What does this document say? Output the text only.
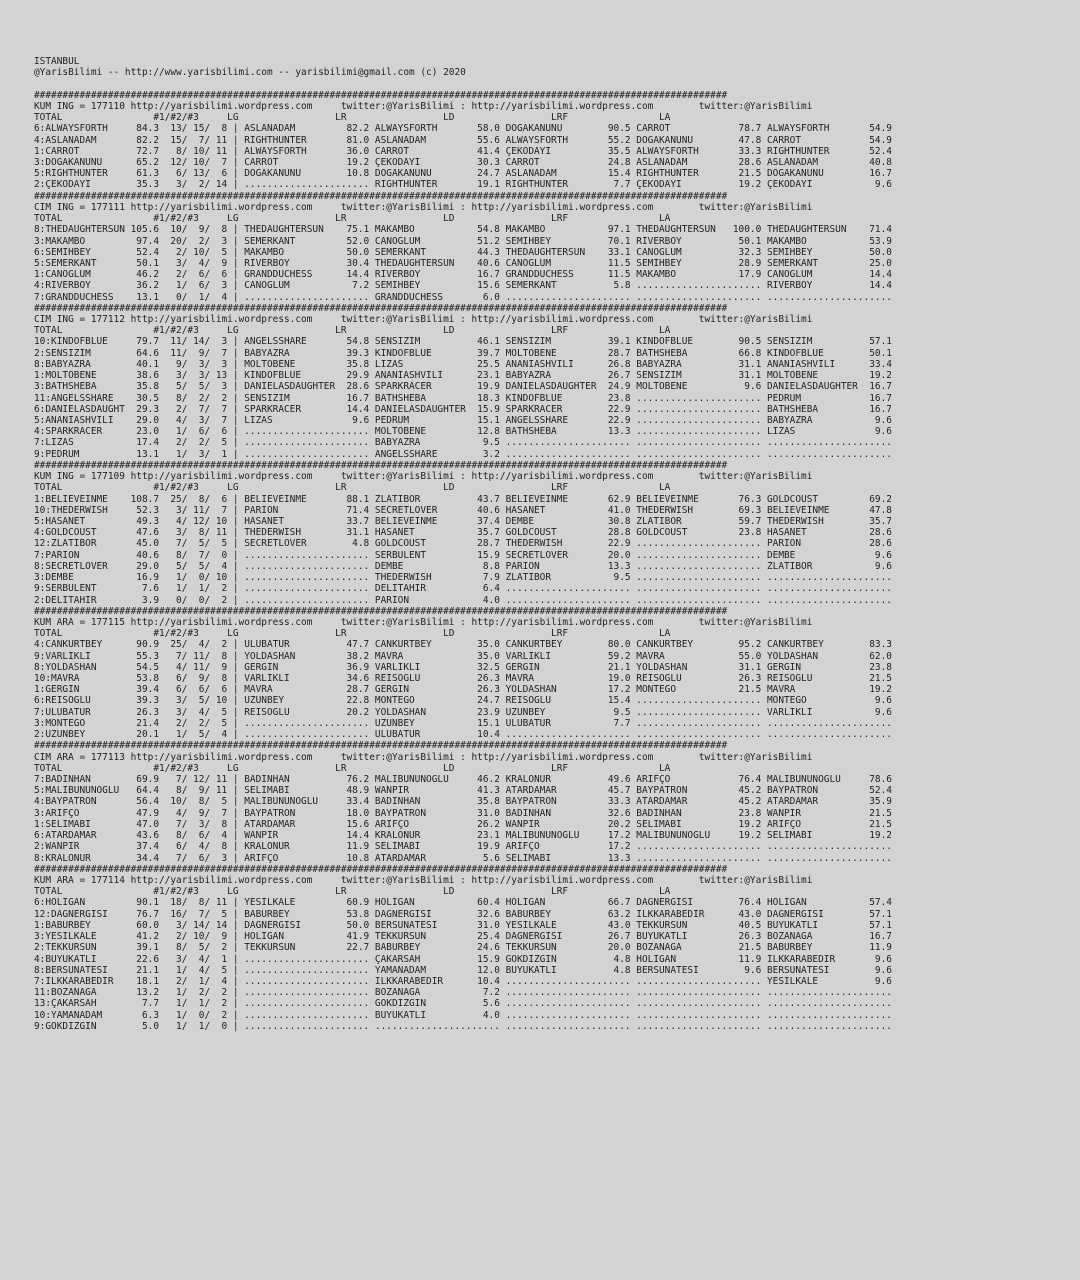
ISTANBUL
@YarisBilimi -- http://www.yarisbilimi.com -- yarisbilimi@gmail.com (c) 2020
##########################################################################################################################
KUM ING = 177110 http://yarisbilimi.wordpress.com     twitter:@YarisBilimi : http://yarisbilimi.wordpress.com        twitter:@YarisBilimi
TOTAL                #1/#2/#3     LG                 LR                 LD                 LRF                LA
6:ALWAYSFORTH     84.3  13/ 15/  8 | ASLANADAM         82.2 ALWAYSFORTH       58.0 DOGAKANUNU        90.5 CARROT            78.7 ALWAYSFORTH       54.9
4:ASLANADAM       82.2  15/  7/ 11 | RIGHTHUNTER       81.0 ASLANADAM         55.6 ALWAYSFORTH       55.2 DOGAKANUNU        47.8 CARROT            54.9
1:CARROT          72.7   8/ 10/ 11 | ALWAYSFORTH       36.0 CARROT            41.4 ÇEKODAYI          35.5 ALWAYSFORTH       33.3 RIGHTHUNTER       52.4
3:DOGAKANUNU      65.2  12/ 10/  7 | CARROT            19.2 ÇEKODAYI          30.3 CARROT            24.8 ASLANADAM         28.6 ASLANADAM         40.8
5:RIGHTHUNTER     61.3   6/ 13/  6 | DOGAKANUNU        10.8 DOGAKANUNU        24.7 ASLANADAM         15.4 RIGHTHUNTER       21.5 DOGAKANUNU        16.7
2:ÇEKODAYI        35.3   3/  2/ 14 | ...................... RIGHTHUNTER       19.1 RIGHTHUNTER        7.7 ÇEKODAYI          19.2 ÇEKODAYI           9.6
##########################################################################################################################
CIM ING = 177111 http://yarisbilimi.wordpress.com     twitter:@YarisBilimi : http://yarisbilimi.wordpress.com        twitter:@YarisBilimi
TOTAL                #1/#2/#3     LG                 LR                 LD                 LRF                LA
8:THEDAUGHTERSUN 105.6  10/  9/  8 | THEDAUGHTERSUN    75.1 MAKAMBO           54.8 MAKAMBO           97.1 THEDAUGHTERSUN   100.0 THEDAUGHTERSUN    71.4
3:MAKAMBO         97.4  20/  2/  3 | SEMERKANT         52.0 CANOGLUM          51.2 SEMIHBEY          70.1 RIVERBOY          50.1 MAKAMBO           53.9
6:SEMIHBEY        52.4   2/ 10/  5 | MAKAMBO           50.0 SEMERKANT         44.3 THEDAUGHTERSUN    33.1 CANOGLUM          32.3 SEMIHBEY          50.0
5:SEMERKANT       50.1   3/  4/  9 | RIVERBOY          30.4 THEDAUGHTERSUN    40.6 CANOGLUM          11.5 SEMIHBEY          28.9 SEMERKANT         25.0
1:CANOGLUM        46.2   2/  6/  6 | GRANDDUCHESS      14.4 RIVERBOY          16.7 GRANDDUCHESS      11.5 MAKAMBO           17.9 CANOGLUM          14.4
4:RIVERBOY        36.2   1/  6/  3 | CANOGLUM           7.2 SEMIHBEY          15.6 SEMERKANT          5.8 ...................... RIVERBOY          14.4
7:GRANDDUCHESS    13.1   0/  1/  4 | ...................... GRANDDUCHESS       6.0 ...................... ...................... ......................
##########################################################################################################################
CIM ING = 177112 http://yarisbilimi.wordpress.com     twitter:@YarisBilimi : http://yarisbilimi.wordpress.com        twitter:@YarisBilimi
TOTAL                #1/#2/#3     LG                 LR                 LD                 LRF                LA
10:KINDOFBLUE     79.7  11/ 14/  3 | ANGELSSHARE       54.8 SENSIZIM          46.1 SENSIZIM          39.1 KINDOFBLUE        90.5 SENSIZIM          57.1
2:SENSIZIM        64.6  11/  9/  7 | BABYAZRA          39.3 KINDOFBLUE        39.7 MOLTOBENE         28.7 BATHSHEBA         66.8 KINDOFBLUE        50.1
8:BABYAZRA        40.1   9/  3/  3 | MOLTOBENE         35.8 LIZAS             25.5 ANANIASHVILI      26.8 BABYAZRA          31.1 ANANIASHVILI      33.4
1:MOLTOBENE       38.6   3/  3/ 13 | KINDOFBLUE        29.9 ANANIASHVILI      23.1 BABYAZRA          26.7 SENSIZIM          31.1 MOLTOBENE         19.2
3:BATHSHEBA       35.8   5/  5/  3 | DANIELASDAUGHTER  28.6 SPARKRACER        19.9 DANIELASDAUGHTER  24.9 MOLTOBENE          9.6 DANIELASDAUGHTER  16.7
11:ANGELSSHARE    30.5   8/  2/  2 | SENSIZIM          16.7 BATHSHEBA         18.3 KINDOFBLUE        23.8 ...................... PEDRUM            16.7
6:DANIELASDAUGHT  29.3   2/  7/  7 | SPARKRACER        14.4 DANIELASDAUGHTER  15.9 SPARKRACER        22.9 ...................... BATHSHEBA         16.7
5:ANANIASHVILI    29.0   4/  3/  7 | LIZAS              9.6 PEDRUM            15.1 ANGELSSHARE       22.9 ...................... BABYAZRA           9.6
4:SPARKRACER      23.0   1/  6/  6 | ...................... MOLTOBENE         12.8 BATHSHEBA         13.3 ...................... LIZAS              9.6
7:LIZAS           17.4   2/  2/  5 | ...................... BABYAZRA           9.5 ...................... ...................... ......................
9:PEDRUM          13.1   1/  3/  1 | ...................... ANGELSSHARE        3.2 ...................... ...................... ......................
##########################################################################################################################
KUM ING = 177109 http://yarisbilimi.wordpress.com     twitter:@YarisBilimi : http://yarisbilimi.wordpress.com        twitter:@YarisBilimi
TOTAL                #1/#2/#3     LG                 LR                 LD                 LRF                LA
1:BELIEVEINME    108.7  25/  8/  6 | BELIEVEINME       88.1 ZLATIBOR          43.7 BELIEVEINME       62.9 BELIEVEINME       76.3 GOLDCOUST         69.2
10:THEDERWISH     52.3   3/ 11/  7 | PARION            71.4 SECRETLOVER       40.6 HASANET           41.0 THEDERWISH        69.3 BELIEVEINME       47.8
5:HASANET         49.3   4/ 12/ 10 | HASANET           33.7 BELIEVEINME       37.4 DEMBE             30.8 ZLATIBOR          59.7 THEDERWISH        35.7
4:GOLDCOUST       47.6   3/  8/ 11 | THEDERWISH        31.1 HASANET           35.7 GOLDCOUST         28.8 GOLDCOUST         23.8 HASANET           28.6
12:ZLATIBOR       45.0   7/  5/  5 | SECRETLOVER        4.8 GOLDCOUST         28.7 THEDERWISH        22.9 ...................... PARION            28.6
7:PARION          40.6   8/  7/  0 | ...................... SERBÜLENT         15.9 SECRETLOVER       20.0 ...................... DEMBE              9.6
8:SECRETLOVER     29.0   5/  5/  4 | ...................... DEMBE              8.8 PARION            13.3 ...................... ZLATIBOR           9.6
3:DEMBE           16.9   1/  0/ 10 | ...................... THEDERWISH         7.9 ZLATIBOR           9.5 ...................... ......................
9:SERBÜLENT        7.6   1/  1/  2 | ...................... DELITAHIR          6.4 ...................... ...................... ......................
2:DELITAHIR        3.9   0/  0/  2 | ...................... PARION             4.0 ...................... ...................... ......................
##########################################################################################################################
KUM ARA = 177115 http://yarisbilimi.wordpress.com     twitter:@YarisBilimi : http://yarisbilimi.wordpress.com        twitter:@YarisBilimi
TOTAL                #1/#2/#3     LG                 LR                 LD                 LRF                LA
4:CANKURTBEY      90.9  25/  4/  2 | ULUBATUR          47.7 CANKURTBEY        35.0 CANKURTBEY        80.0 CANKURTBEY        95.2 CANKURTBEY        83.3
9:VARLIKLI        55.3   7/ 11/  8 | YOLDASHAN         38.2 MAVRA             35.0 VARLIKLI          59.2 MAVRA             55.0 YOLDASHAN         62.0
8:YOLDASHAN       54.5   4/ 11/  9 | GERGIN            36.9 VARLIKLI          32.5 GERGIN            21.1 YOLDASHAN         31.1 GERGIN            23.8
10:MAVRA          53.8   6/  9/  8 | VARLIKLI          34.6 REISOGLU          26.3 MAVRA             19.0 REISOGLU          26.3 REISOGLU          21.5
1:GERGIN          39.4   6/  6/  6 | MAVRA             28.7 GERGIN            26.3 YOLDASHAN         17.2 MONTEGO           21.5 MAVRA             19.2
6:REISOGLU        39.3   3/  5/ 10 | UZUNBEY           22.8 MONTEGO           24.7 REISOGLU          15.4 ...................... MONTEGO            9.6
7:ULUBATUR        26.3   3/  4/  5 | REISOGLU          20.2 YOLDASHAN         23.9 UZUNBEY            9.5 ...................... VARLIKLI           9.6
3:MONTEGO         21.4   2/  2/  5 | ...................... UZUNBEY           15.1 ULUBATUR           7.7 ...................... ......................
2:UZUNBEY         20.1   1/  5/  4 | ...................... ULUBATUR          10.4 ...................... ...................... ......................
##########################################################################################################################
CIM ARA = 177113 http://yarisbilimi.wordpress.com     twitter:@YarisBilimi : http://yarisbilimi.wordpress.com        twitter:@YarisBilimi
TOTAL                #1/#2/#3     LG                 LR                 LD                 LRF                LA
7:BADINHAN        69.9   7/ 12/ 11 | BADINHAN          76.2 MALIBUNUNOGLU     46.2 KRALONUR          49.6 ARIFÇO            76.4 MALIBUNUNOGLU     78.6
5:MALIBUNUNOGLU   64.4   8/  9/ 11 | SELIMABI          48.9 WANPIR            41.3 ATARDAMAR         45.7 BAYPATRON         45.2 BAYPATRON         52.4
4:BAYPATRON       56.4  10/  8/  5 | MALIBUNUNOGLU     33.4 BADINHAN          35.8 BAYPATRON         33.3 ATARDAMAR         45.2 ATARDAMAR         35.9
3:ARIFÇO          47.9   4/  9/  7 | BAYPATRON         18.0 BAYPATRON         31.0 BADINHAN          32.6 BADINHAN          23.8 WANPIR            21.5
1:SELIMABI        47.0   7/  3/  8 | ATARDAMAR         15.6 ARIFÇO            26.2 WANPIR            20.2 SELIMABI          19.2 ARIFÇO            21.5
6:ATARDAMAR       43.6   8/  6/  4 | WANPIR            14.4 KRALONUR          23.1 MALIBUNUNOGLU     17.2 MALIBUNUNOGLU     19.2 SELIMABI          19.2
2:WANPIR          37.4   6/  4/  8 | KRALONUR          11.9 SELIMABI          19.9 ARIFÇO            17.2 ...................... ......................
8:KRALONUR        34.4   7/  6/  3 | ARIFÇO            10.8 ATARDAMAR          5.6 SELIMABI          13.3 ...................... ......................
##########################################################################################################################
KUM ARA = 177114 http://yarisbilimi.wordpress.com     twitter:@YarisBilimi : http://yarisbilimi.wordpress.com        twitter:@YarisBilimi
TOTAL                #1/#2/#3     LG                 LR                 LD                 LRF                LA
6:HOLIGAN         90.1  18/  8/ 11 | YESILKALE         60.9 HOLIGAN           60.4 HOLIGAN           66.7 DAGNERGISI        76.4 HOLIGAN           57.4
12:DAGNERGISI     76.7  16/  7/  5 | BABÜRBEY          53.8 DAGNERGISI        32.6 BABÜRBEY          63.2 ILKKARABEDIR      43.0 DAGNERGISI        57.1
1:BABÜRBEY        60.0   3/ 14/ 14 | DAGNERGISI        50.0 BERSUNATESI       31.0 YESILKALE         43.0 TEKKURSUN         40.5 BÜYÜKATLI         57.1
3:YESILKALE       41.2   2/ 10/  9 | HOLIGAN           41.9 TEKKURSUN         25.4 DAGNERGISI        26.7 BÜYÜKATLI         26.3 BOZANAGA          16.7
2:TEKKURSUN       39.1   8/  5/  2 | TEKKURSUN         22.7 BABÜRBEY          24.6 TEKKURSUN         20.0 BOZANAGA          21.5 BABÜRBEY          11.9
4:BÜYÜKATLI       22.6   3/  4/  1 | ...................... ÇAKARSAH          15.9 GÖKDIZGIN          4.8 HOLIGAN           11.9 ILKKARABEDIR       9.6
8:BERSUNATESI     21.1   1/  4/  5 | ...................... YAMANADAM         12.0 BÜYÜKATLI          4.8 BERSUNATESI        9.6 BERSUNATESI        9.6
7:ILKKARABEDIR    18.1   2/  1/  4 | ...................... ILKKARABEDIR      10.4 ...................... ...................... YESILKALE          9.6
11:BOZANAGA       13.2   1/  2/  2 | ...................... BOZANAGA           7.2 ...................... ...................... ......................
13:ÇAKARSAH        7.7   1/  1/  2 | ...................... GÖKDIZGIN          5.6 ...................... ...................... ......................
10:YAMANADAM       6.3   1/  0/  2 | ...................... BÜYÜKATLI          4.0 ...................... ...................... ......................
9:GÖKDIZGIN        5.0   1/  1/  0 | ...................... ...................... ...................... ...................... ......................
